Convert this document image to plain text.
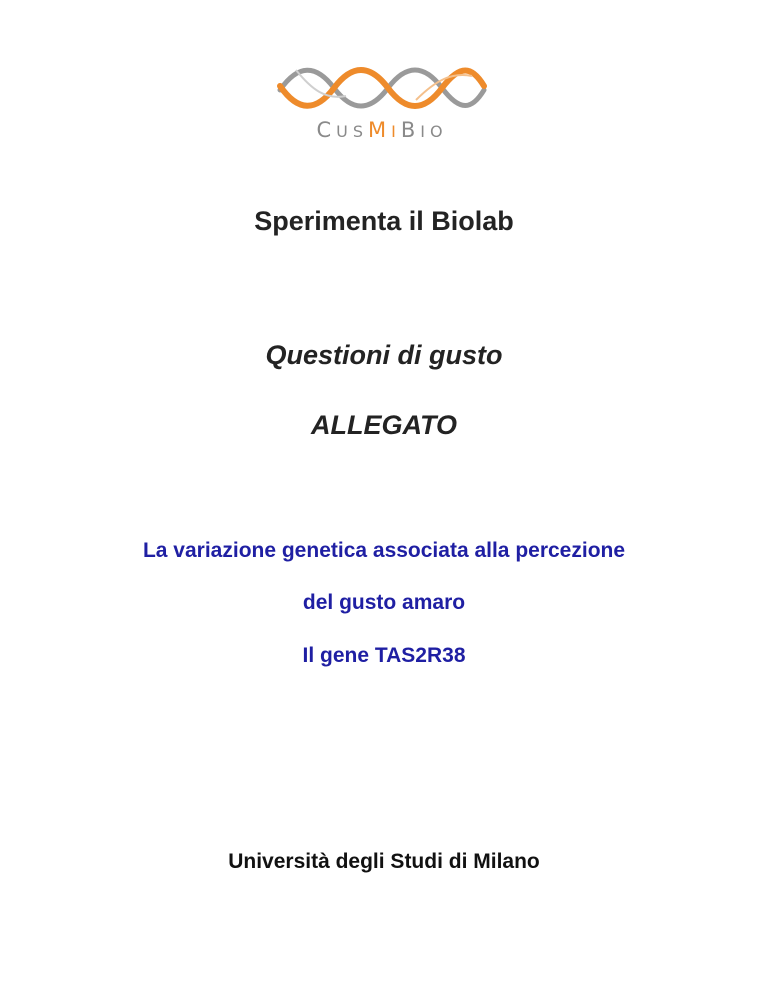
CUSMIBIO
Sperimenta il Biolab
Questioni di gusto
ALLEGATO
La variazione genetica associata alla percezione
del gusto amaro
Il gene TAS2R38
Università degli Studi di Milano
